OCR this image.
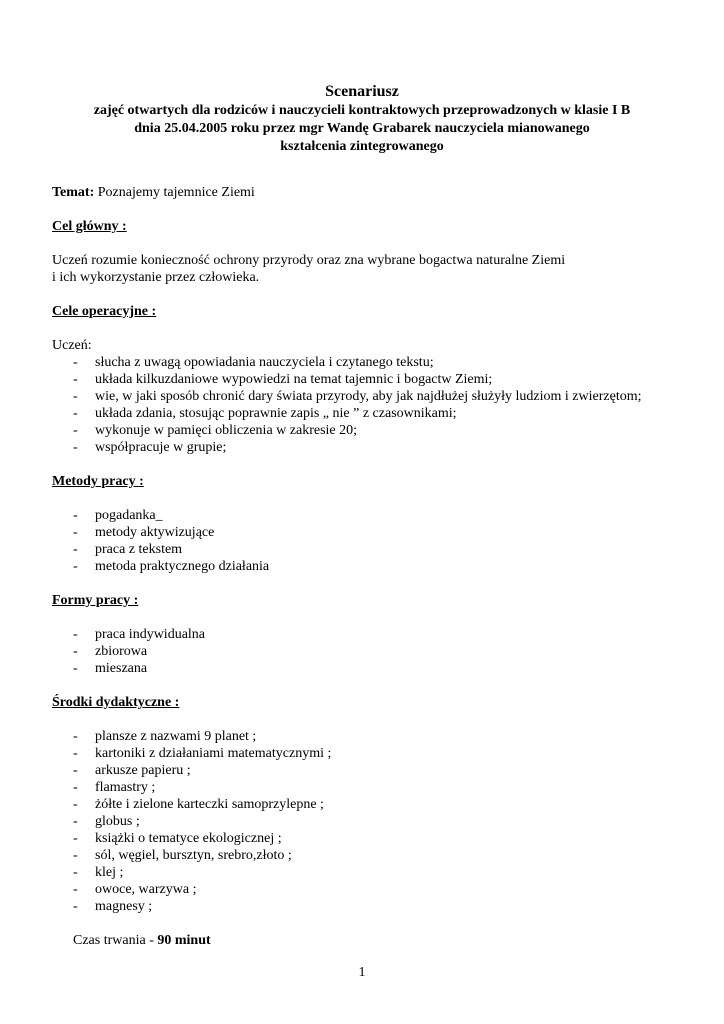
Scenariusz
zajęć otwartych dla rodziców i nauczycieli kontraktowych przeprowadzonych w klasie I B
dnia 25.04.2005 roku przez mgr Wandę Grabarek nauczyciela mianowanego
kształcenia zintegrowanego

Temat: Poznajemy tajemnice Ziemi

Cel główny :

Uczeń rozumie konieczność ochrony przyrody oraz zna wybrane bogactwa naturalne Ziemi

i ich wykorzystanie przez człowieka.

Cele operacyjne :

Uczeń:

- słucha z uwagą opowiadania nauczyciela i czytanego tekstu;
- układa kilkuzdaniowe wypowiedzi na temat tajemnic i bogactw Ziemi;
- wie, w jaki sposób chronić dary świata przyrody, aby jak najdłużej służyły ludziom i zwierzętom;
- układa zdania, stosując poprawnie zapis „ nie ” z czasownikami;
- wykonuje w pamięci obliczenia w zakresie 20;
- współpracuje w grupie;

Metody pracy :

- pogadanka_
- metody aktywizujące
- praca z tekstem
- metoda praktycznego działania

Formy pracy :

- praca indywidualna
- zbiorowa
- mieszana

Środki dydaktyczne :

- plansze z nazwami 9 planet ;
- kartoniki z działaniami matematycznymi ;
- arkusze papieru ;
- flamastry ;
- żółte i zielone karteczki samoprzylepne ;
- globus ;
- książki o tematyce ekologicznej ;
- sól, węgiel, bursztyn, srebro,złoto ;
- klej ;
- owoce, warzywa ;
- magnesy ;

Czas trwania - 90 minut

1
